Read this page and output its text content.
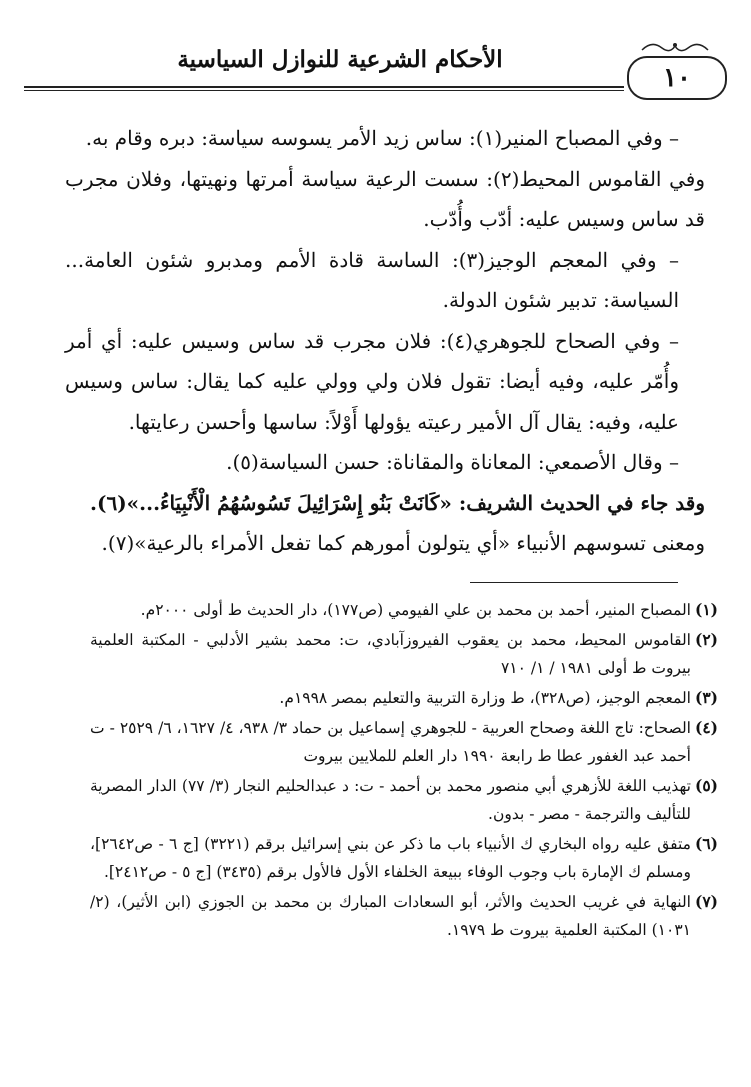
الأحكام الشرعية للنوازل السياسية
١٠

– وفي المصباح المنير(١): ساس زيد الأمر يسوسه سياسة: دبره وقام به.

وفي القاموس المحيط(٢): سست الرعية سياسة أمرتها ونهيتها، وفلان مجرب قد ساس وسيس عليه: أدّب وأُدّب.

– وفي المعجم الوجيز(٣): الساسة قادة الأمم ومدبرو شئون العامة... السياسة: تدبير شئون الدولة.

– وفي الصحاح للجوهري(٤): فلان مجرب قد ساس وسيس عليه: أي أمر وأُمّر عليه، وفيه أيضا: تقول فلان ولي وولي عليه كما يقال: ساس وسيس عليه، وفيه: يقال آل الأمير رعيته يؤولها أَوْلاً: ساسها وأحسن رعايتها.

– وقال الأصمعي: المعاناة والمقاناة: حسن السياسة(٥).

وقد جاء في الحديث الشريف: «كَانَتْ بَنُو إِسْرَائِيلَ تَسُوسُهُمُ الْأَنْبِيَاءُ...»(٦).

ومعنى تسوسهم الأنبياء «أي يتولون أمورهم كما تفعل الأمراء بالرعية»(٧).

(١)
المصباح المنير، أحمد بن محمد بن علي الفيومي (ص١٧٧)، دار الحديث ط أولى ٢٠٠٠م.
(٢)
القاموس المحيط، محمد بن يعقوب الفيروزآبادي، ت: محمد بشير الأدلبي - المكتبة العلمية بيروت ط أولى ١٩٨١ / ١/ ٧١٠
(٣)
المعجم الوجيز، (ص٣٢٨)، ط وزارة التربية والتعليم بمصر ١٩٩٨م.
(٤)
الصحاح: تاج اللغة وصحاح العربية - للجوهري إسماعيل بن حماد ٣/ ٩٣٨، ٤/ ١٦٢٧، ٦/ ٢٥٢٩ - ت أحمد عبد الغفور عطا ط رابعة ١٩٩٠ دار العلم للملايين بيروت
(٥)
تهذيب اللغة للأزهري أبي منصور محمد بن أحمد - ت: د عبدالحليم النجار (٣/ ٧٧) الدار المصرية للتأليف والترجمة - مصر - بدون.
(٦)
متفق عليه رواه البخاري ك الأنبياء باب ما ذكر عن بني إسرائيل برقم (٣٢٢١) [ج ٦ - ص٢٦٤٢]، ومسلم ك الإمارة باب وجوب الوفاء ببيعة الخلفاء الأول فالأول برقم (٣٤٣٥) [ج ٥ - ص٢٤١٢].
(٧)
النهاية في غريب الحديث والأثر، أبو السعادات المبارك بن محمد بن الجوزي (ابن الأثير)، (٢/ ١٠٣١) المكتبة العلمية بيروت ط ١٩٧٩.
